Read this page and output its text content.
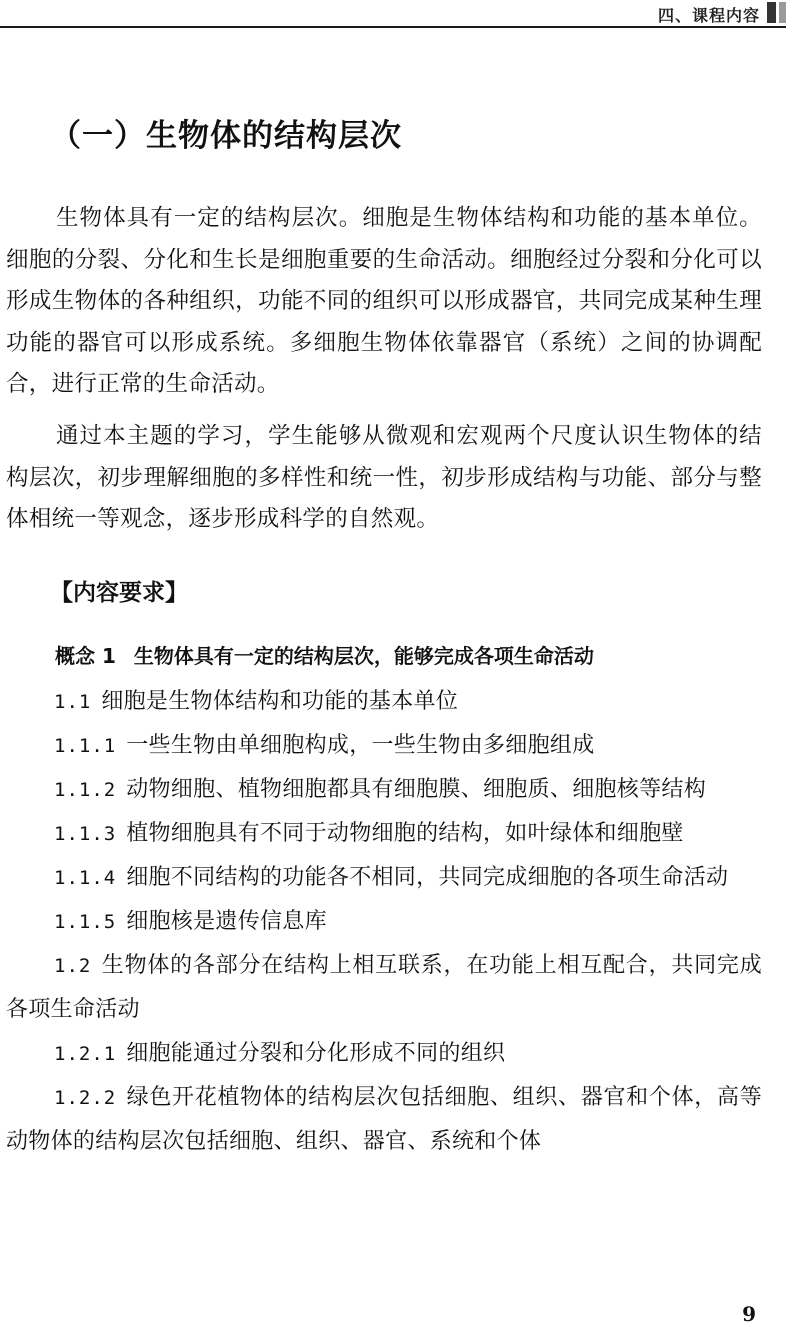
四、课程内容
（一）生物体的结构层次

生物体具有一定的结构层次。细胞是生物体结构和功能的基本单位。细胞的分裂、分化和生长是细胞重要的生命活动。细胞经过分裂和分化可以形成生物体的各种组织，功能不同的组织可以形成器官，共同完成某种生理功能的器官可以形成系统。多细胞生物体依靠器官（系统）之间的协调配合，进行正常的生命活动。

通过本主题的学习，学生能够从微观和宏观两个尺度认识生物体的结构层次，初步理解细胞的多样性和统一性，初步形成结构与功能、部分与整体相统一等观念，逐步形成科学的自然观。

【内容要求】

概念 1 生物体具有一定的结构层次，能够完成各项生命活动

1.1 细胞是生物体结构和功能的基本单位

1.1.1 一些生物由单细胞构成，一些生物由多细胞组成

1.1.2 动物细胞、植物细胞都具有细胞膜、细胞质、细胞核等结构

1.1.3 植物细胞具有不同于动物细胞的结构，如叶绿体和细胞壁

1.1.4 细胞不同结构的功能各不相同，共同完成细胞的各项生命活动

1.1.5 细胞核是遗传信息库

1.2 生物体的各部分在结构上相互联系，在功能上相互配合，共同完成各项生命活动

1.2.1 细胞能通过分裂和分化形成不同的组织

1.2.2 绿色开花植物体的结构层次包括细胞、组织、器官和个体，高等动物体的结构层次包括细胞、组织、器官、系统和个体

9
